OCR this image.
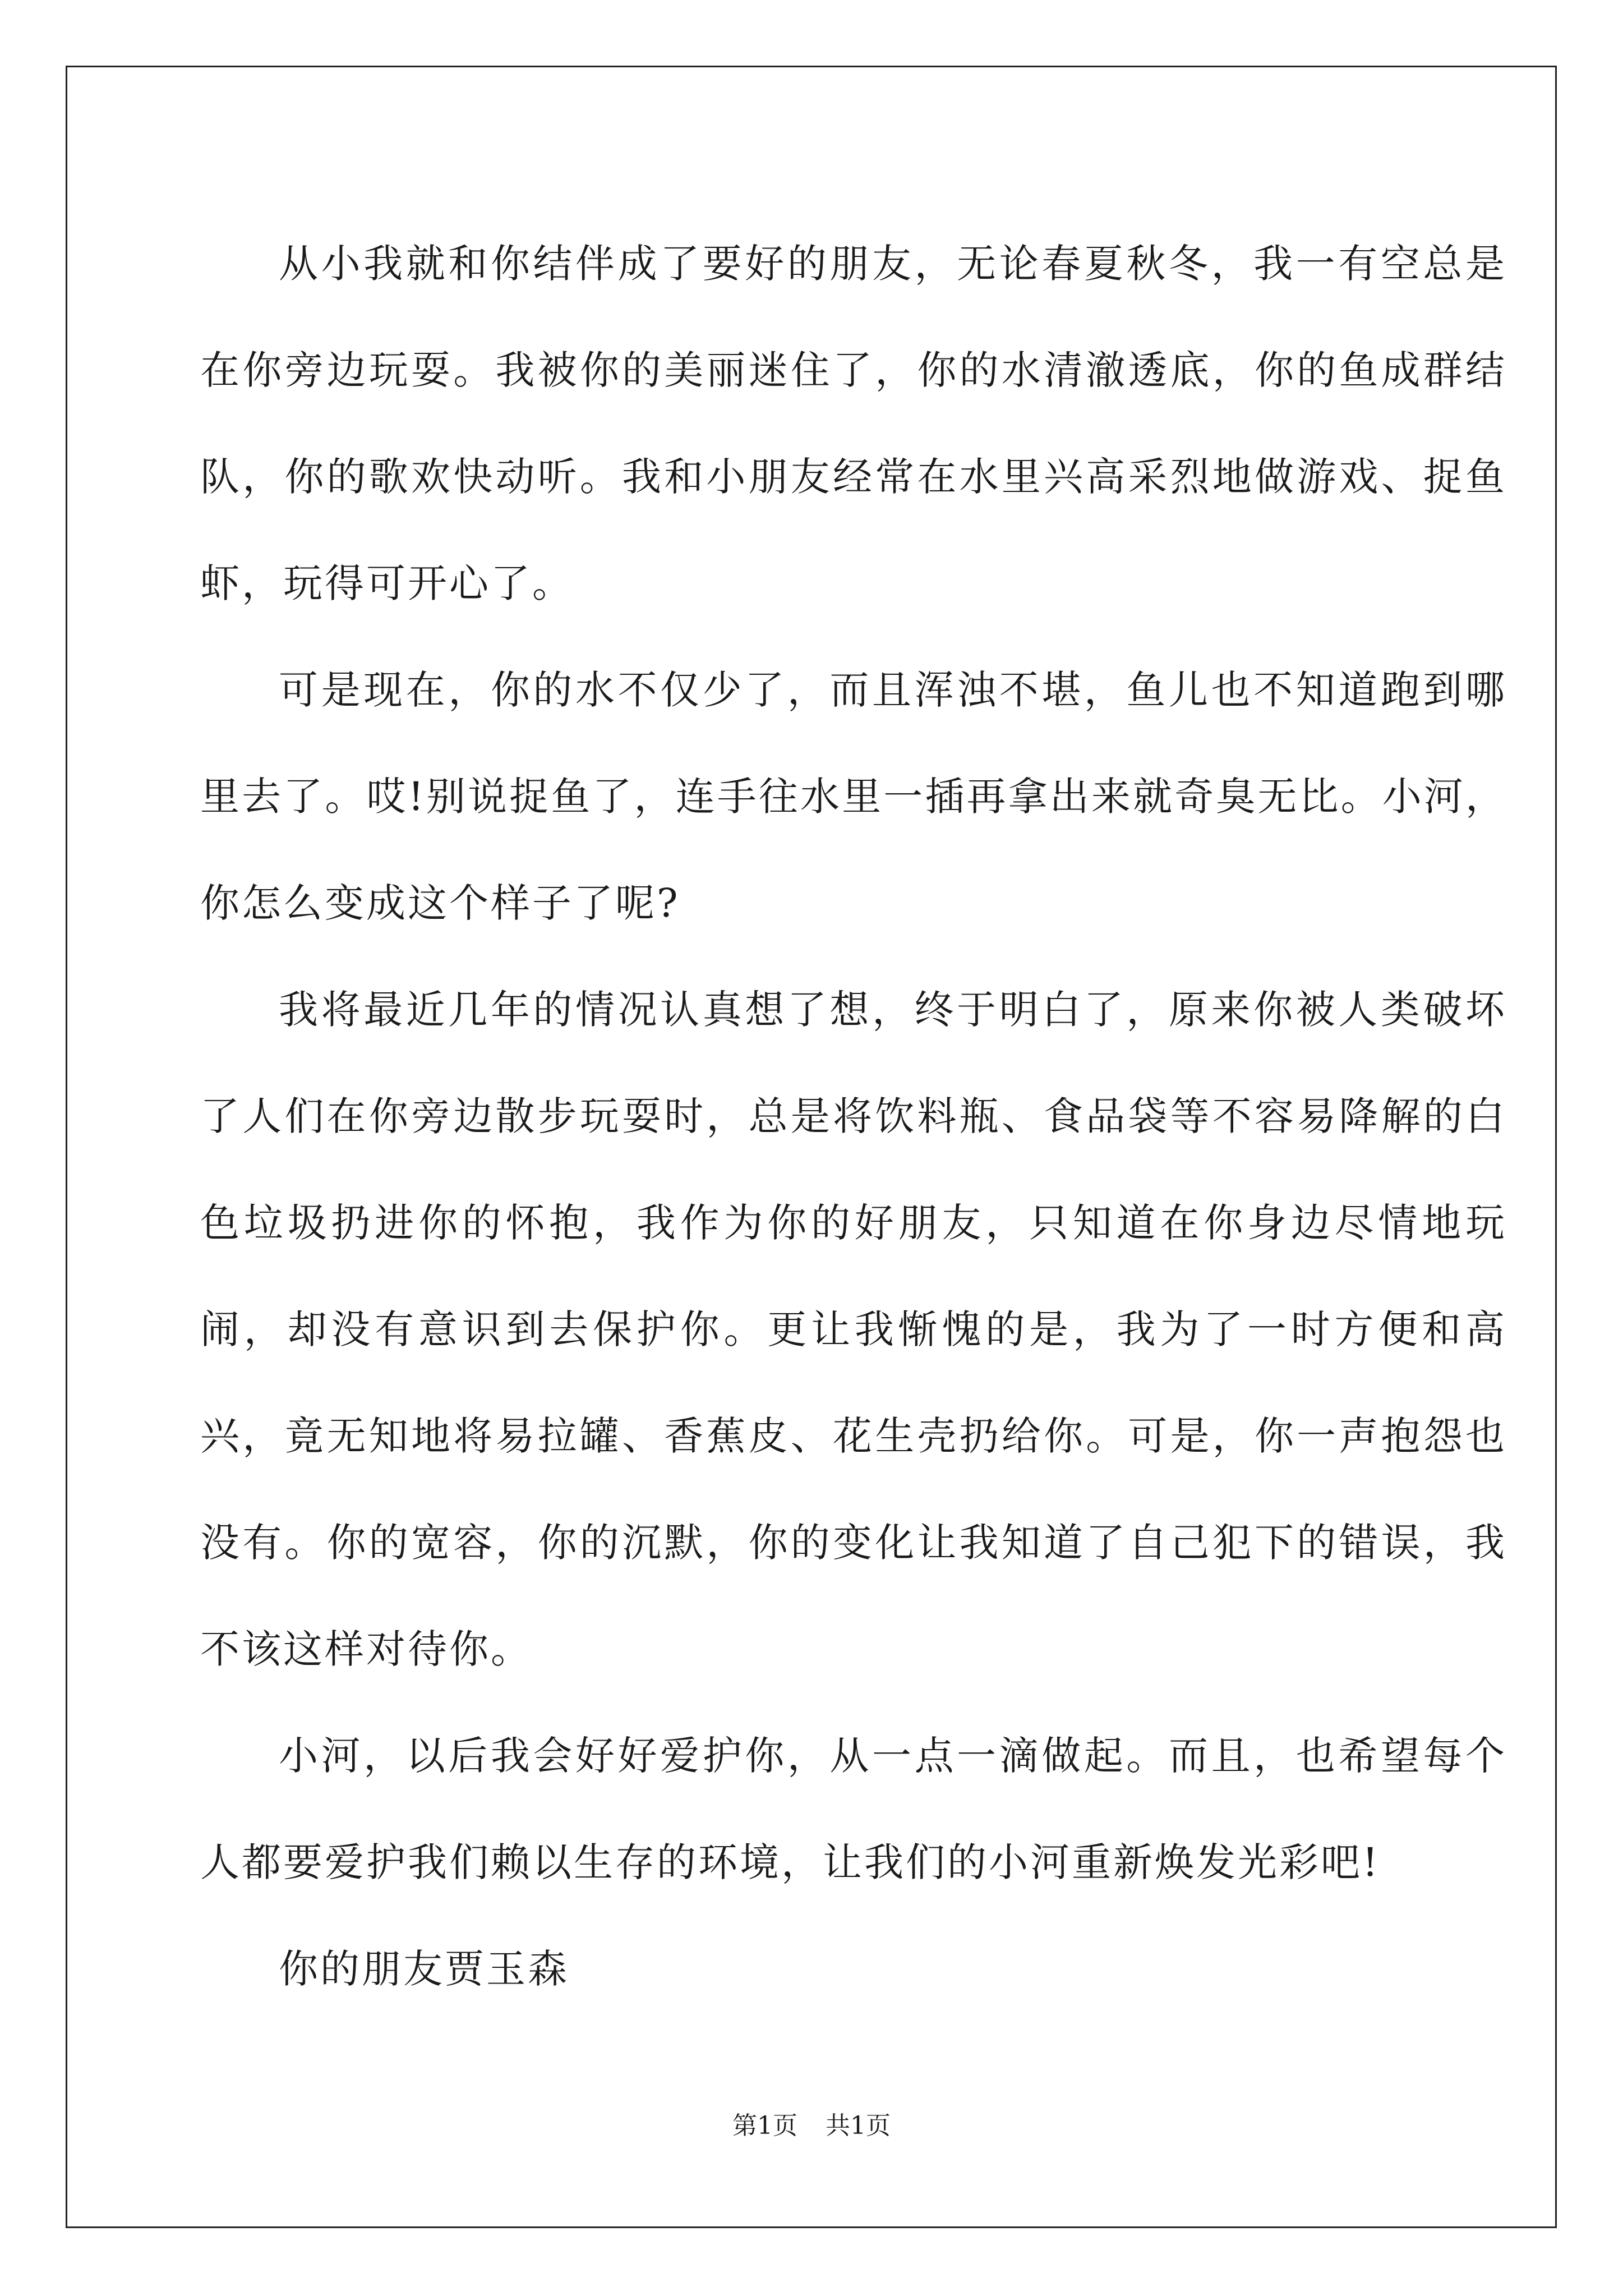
从小我就和你结伴成了要好的朋友，无论春夏秋冬，我一有空总是在你旁边玩耍。我被你的美丽迷住了，你的水清澈透底，你的鱼成群结队，你的歌欢快动听。我和小朋友经常在水里兴高采烈地做游戏、捉鱼虾，玩得可开心了。

可是现在，你的水不仅少了，而且浑浊不堪，鱼儿也不知道跑到哪里去了。哎!别说捉鱼了，连手往水里一插再拿出来就奇臭无比。小河，你怎么变成这个样子了呢?

我将最近几年的情况认真想了想，终于明白了，原来你被人类破坏了人们在你旁边散步玩耍时，总是将饮料瓶、食品袋等不容易降解的白色垃圾扔进你的怀抱，我作为你的好朋友，只知道在你身边尽情地玩闹，却没有意识到去保护你。更让我惭愧的是，我为了一时方便和高兴，竟无知地将易拉罐、香蕉皮、花生壳扔给你。可是，你一声抱怨也没有。你的宽容，你的沉默，你的变化让我知道了自己犯下的错误，我不该这样对待你。

小河，以后我会好好爱护你，从一点一滴做起。而且，也希望每个人都要爱护我们赖以生存的环境，让我们的小河重新焕发光彩吧!

你的朋友贾玉森

第1页 共1页
